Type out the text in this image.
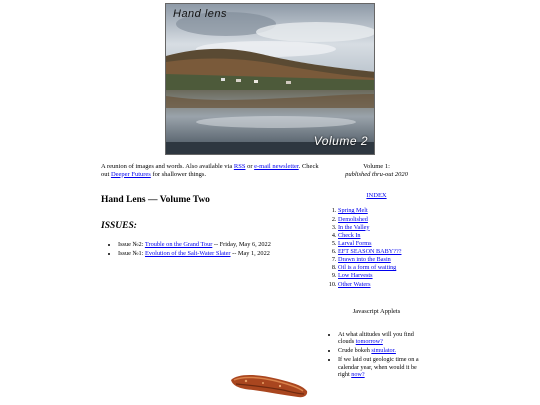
Hand lens
Volume 2

A reunion of images and words. Also available via RSS or e-mail newsletter. Check out Deeper Futures for shallower things.

Hand Lens — Volume Two
ISSUES:
• Issue №2: Trouble on the Grand Tour -- Friday, May 6, 2022
• Issue №1: Evolution of the Salt-Water Slater -- May 1, 2022
Volume 1:
published thru-out 2020
INDEX
1. Spring Melt
2. Demolished
3. In the Valley
4. Check In
5. Larval Forms
6. EFT SEASON BABY???
7. Drawn into the Basin
8. Oil is a form of waiting
9. Low Harvests
10. Other Waters
Javascript Applets
• At what altitudes will you find clouds tomorrow?
• Crude bokeh simulator.
• If we laid out geologic time on a calendar year, when would it be right now?
